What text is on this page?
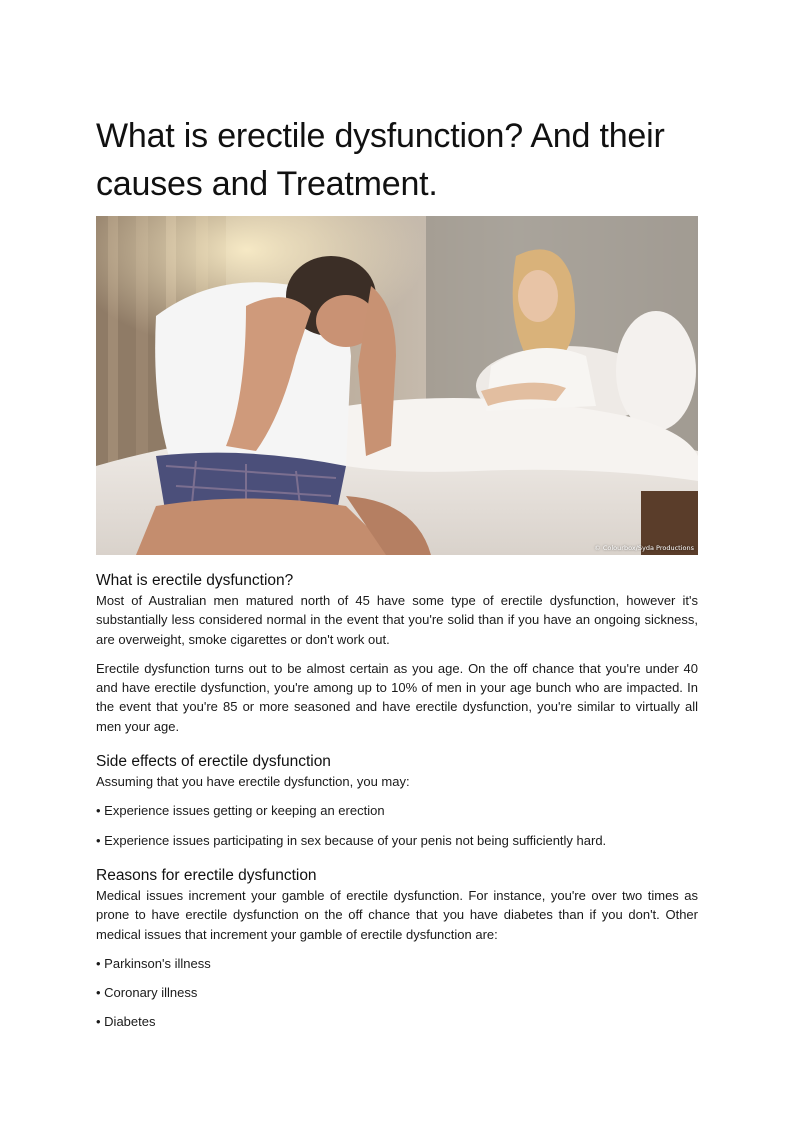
What is erectile dysfunction? And their causes and Treatment.
© Colourbox/Syda Productions
What is erectile dysfunction?

Most of Australian men matured north of 45 have some type of erectile dysfunction, however it's substantially less considered normal in the event that you're solid than if you have an ongoing sickness, are overweight, smoke cigarettes or don't work out.

Erectile dysfunction turns out to be almost certain as you age. On the off chance that you're under 40 and have erectile dysfunction, you're among up to 10% of men in your age bunch who are impacted. In the event that you're 85 or more seasoned and have erectile dysfunction, you're similar to virtually all men your age.

Side effects of erectile dysfunction

Assuming that you have erectile dysfunction, you may:

• Experience issues getting or keeping an erection

• Experience issues participating in sex because of your penis not being sufficiently hard.

Reasons for erectile dysfunction

Medical issues increment your gamble of erectile dysfunction. For instance, you're over two times as prone to have erectile dysfunction on the off chance that you have diabetes than if you don't. Other medical issues that increment your gamble of erectile dysfunction are:

• Parkinson's illness

• Coronary illness

• Diabetes
